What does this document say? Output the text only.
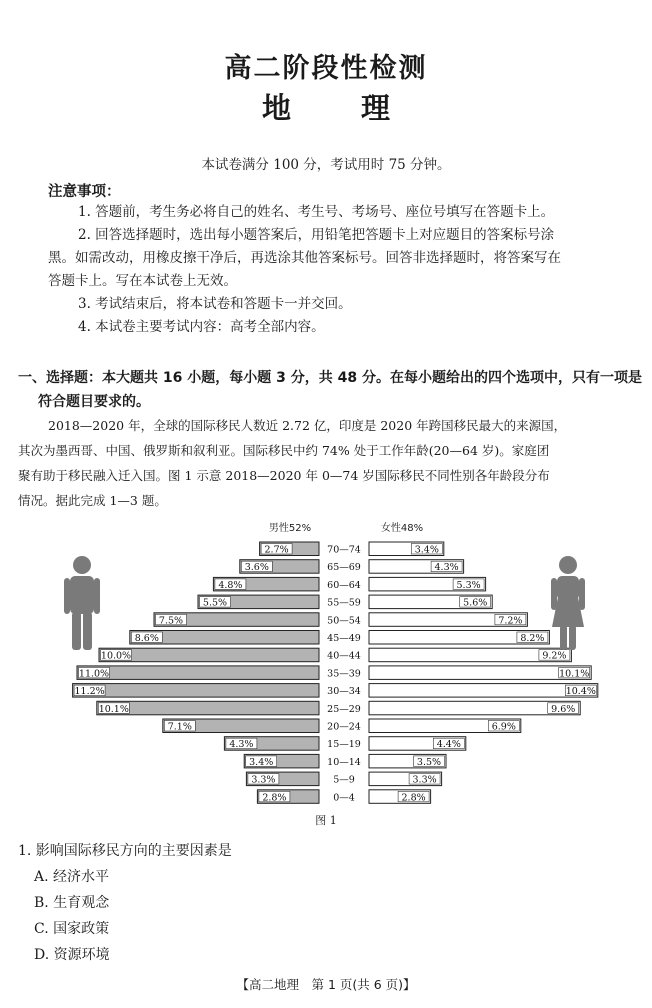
高二阶段性检测
地 理
本试卷满分 100 分，考试用时 75 分钟。
注意事项：
1. 答题前，考生务必将自己的姓名、考生号、考场号、座位号填写在答题卡上。
2. 回答选择题时，选出每小题答案后，用铅笔把答题卡上对应题目的答案标号涂
黑。如需改动，用橡皮擦干净后，再选涂其他答案标号。回答非选择题时，将答案写在
答题卡上。写在本试卷上无效。
3. 考试结束后，将本试卷和答题卡一并交回。
4. 本试卷主要考试内容：高考全部内容。
一、选择题：本大题共 16 小题，每小题 3 分，共 48 分。在每小题给出的四个选项中，只有一项是
符合题目要求的。
2018—2020 年，全球的国际移民人数近 2.72 亿，印度是 2020 年跨国移民最大的来源国，
其次为墨西哥、中国、俄罗斯和叙利亚。国际移民中约 74% 处于工作年龄(20—64 岁)。家庭团
聚有助于移民融入迁入国。图 1 示意 2018—2020 年 0—74 岁国际移民不同性别各年龄段分布
情况。据此完成 1—3 题。
男性52%	女性48%
2.7%	70—74	3.4%
3.6%	65—69	4.3%
4.8%	60—64	5.3%
5.5%	55—59	5.6%
7.5%	50—54	7.2%
8.6%	45—49	8.2%
10.0%	40—44	9.2%
11.0%	35—39	10.1%
11.2%	30—34	10.4%
10.1%	25—29	9.6%
7.1%	20—24	6.9%
4.3%	15—19	4.4%
3.4%	10—14	3.5%
3.3%	5—9	3.3%
2.8%	0—4	2.8%
图 1
1. 影响国际移民方向的主要因素是
A. 经济水平
B. 生育观念
C. 国家政策
D. 资源环境
【高二地理　第 1 页(共 6 页)】
